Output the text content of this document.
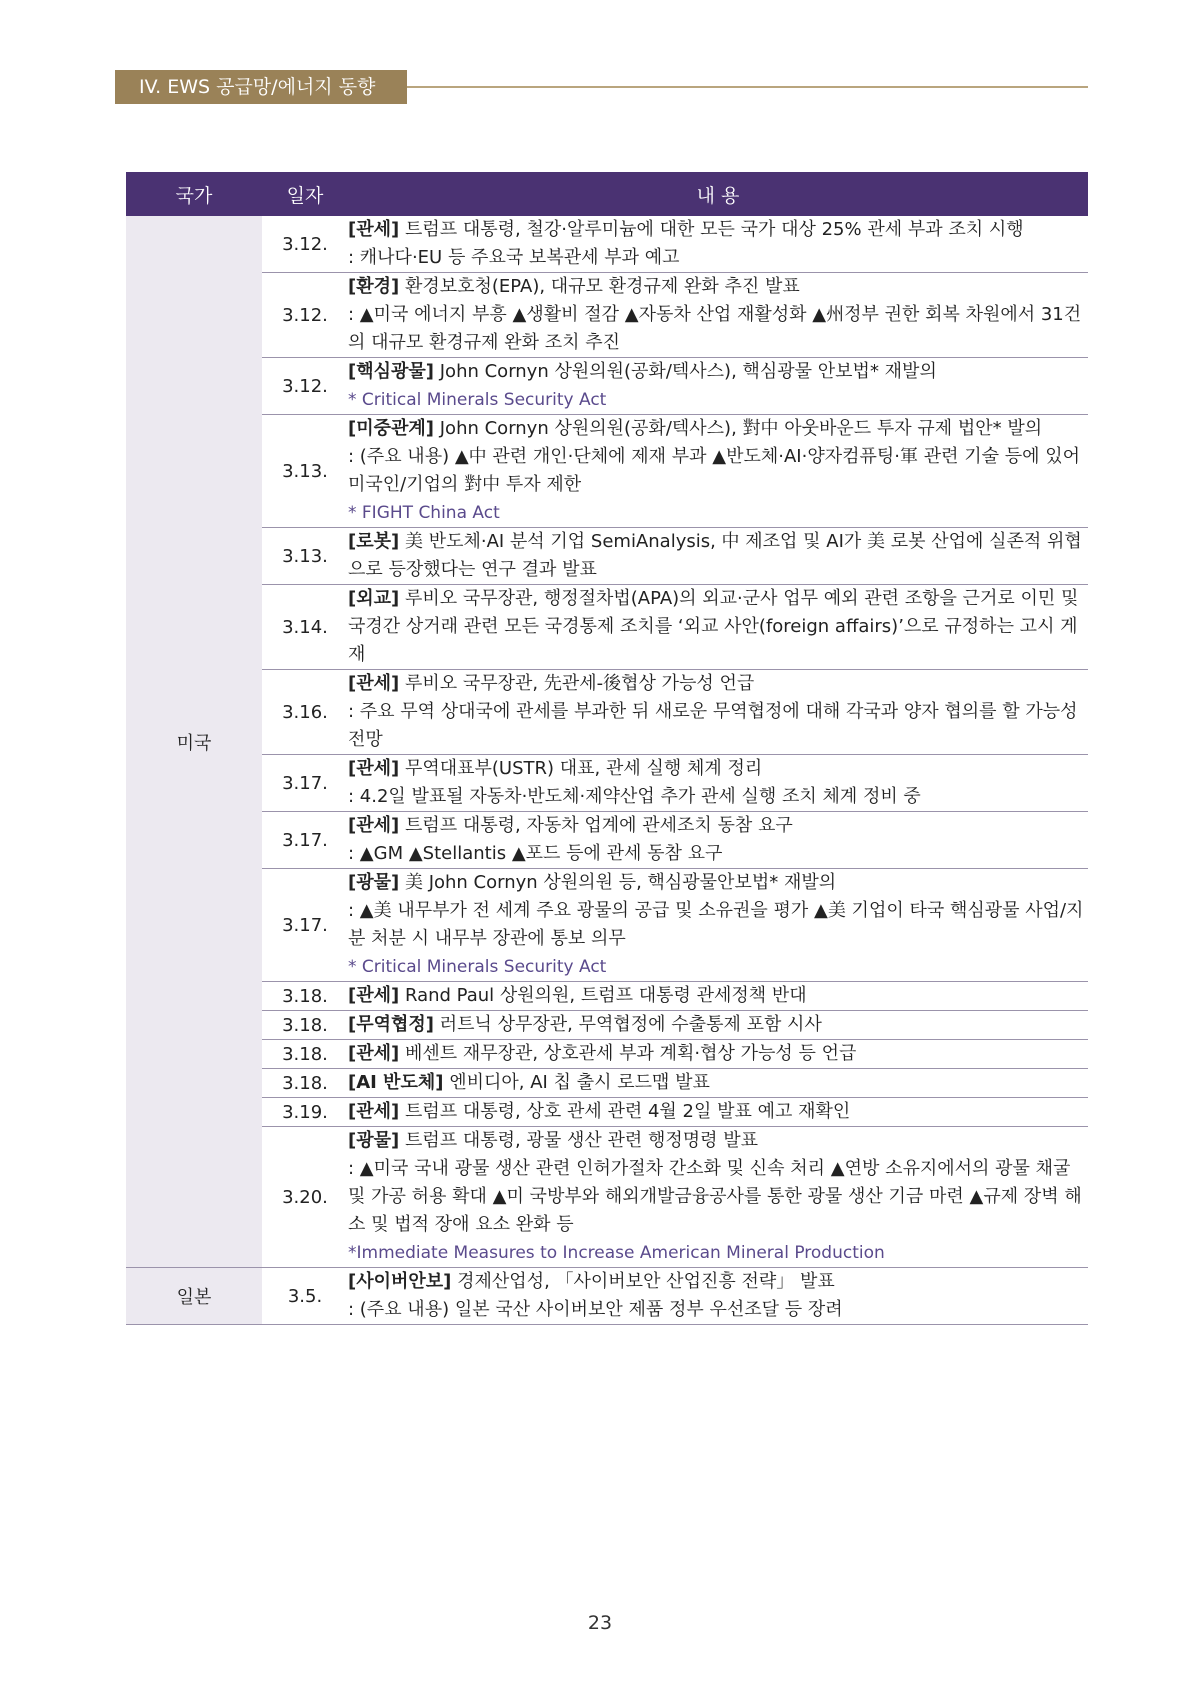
IV. EWS 공급망/에너지 동향
국가	일자	내 용
미국	3.12.	[관세] 트럼프 대통령, 철강·알루미늄에 대한 모든 국가 대상 25% 관세 부과 조치 시행
: 캐나다·EU 등 주요국 보복관세 부과 예고

	3.12.	[환경] 환경보호청(EPA), 대규모 환경규제 완화 추진 발표
: ▲미국 에너지 부흥 ▲생활비 절감 ▲자동차 산업 재활성화 ▲州정부 권한 회복 차원에서 31건의 대규모 환경규제 완화 조치 추진

	3.12.	[핵심광물] John Cornyn 상원의원(공화/텍사스), 핵심광물 안보법* 재발의
* Critical Minerals Security Act

	3.13.	[미중관계] John Cornyn 상원의원(공화/텍사스), 對中 아웃바운드 투자 규제 법안* 발의
: (주요 내용) ▲中 관련 개인·단체에 제재 부과 ▲반도체·AI·양자컴퓨팅·軍 관련 기술 등에 있어 미국인/기업의 對中 투자 제한
* FIGHT China Act

	3.13.	[로봇] 美 반도체·AI 분석 기업 SemiAnalysis, 中 제조업 및 AI가 美 로봇 산업에 실존적 위협으로 등장했다는 연구 결과 발표

	3.14.	[외교] 루비오 국무장관, 행정절차법(APA)의 외교·군사 업무 예외 관련 조항을 근거로 이민 및 국경간 상거래 관련 모든 국경통제 조치를 ‘외교 사안(foreign affairs)’으로 규정하는 고시 게재

	3.16.	[관세] 루비오 국무장관, 先관세-後협상 가능성 언급
: 주요 무역 상대국에 관세를 부과한 뒤 새로운 무역협정에 대해 각국과 양자 협의를 할 가능성 전망

	3.17.	[관세] 무역대표부(USTR) 대표, 관세 실행 체계 정리
: 4.2일 발표될 자동차·반도체·제약산업 추가 관세 실행 조치 체계 정비 중

	3.17.	[관세] 트럼프 대통령, 자동차 업계에 관세조치 동참 요구
: ▲GM ▲Stellantis ▲포드 등에 관세 동참 요구

	3.17.	[광물] 美 John Cornyn 상원의원 등, 핵심광물안보법* 재발의
: ▲美 내무부가 전 세계 주요 광물의 공급 및 소유권을 평가 ▲美 기업이 타국 핵심광물 사업/지분 처분 시 내무부 장관에 통보 의무
* Critical Minerals Security Act

	3.18.	[관세] Rand Paul 상원의원, 트럼프 대통령 관세정책 반대

	3.18.	[무역협정] 러트닉 상무장관, 무역협정에 수출통제 포함 시사

	3.18.	[관세] 베센트 재무장관, 상호관세 부과 계획·협상 가능성 등 언급

	3.18.	[AI 반도체] 엔비디아, AI 칩 출시 로드맵 발표

	3.19.	[관세] 트럼프 대통령, 상호 관세 관련 4월 2일 발표 예고 재확인

	3.20.	[광물] 트럼프 대통령, 광물 생산 관련 행정명령 발표
: ▲미국 국내 광물 생산 관련 인허가절차 간소화 및 신속 처리 ▲연방 소유지에서의 광물 채굴 및 가공 허용 확대 ▲미 국방부와 해외개발금융공사를 통한 광물 생산 기금 마련 ▲규제 장벽 해소 및 법적 장애 요소 완화 등
*Immediate Measures to Increase American Mineral Production

일본	3.5.	[사이버안보] 경제산업성, 「사이버보안 산업진흥 전략」 발표
: (주요 내용) 일본 국산 사이버보안 제품 정부 우선조달 등 장려
23
